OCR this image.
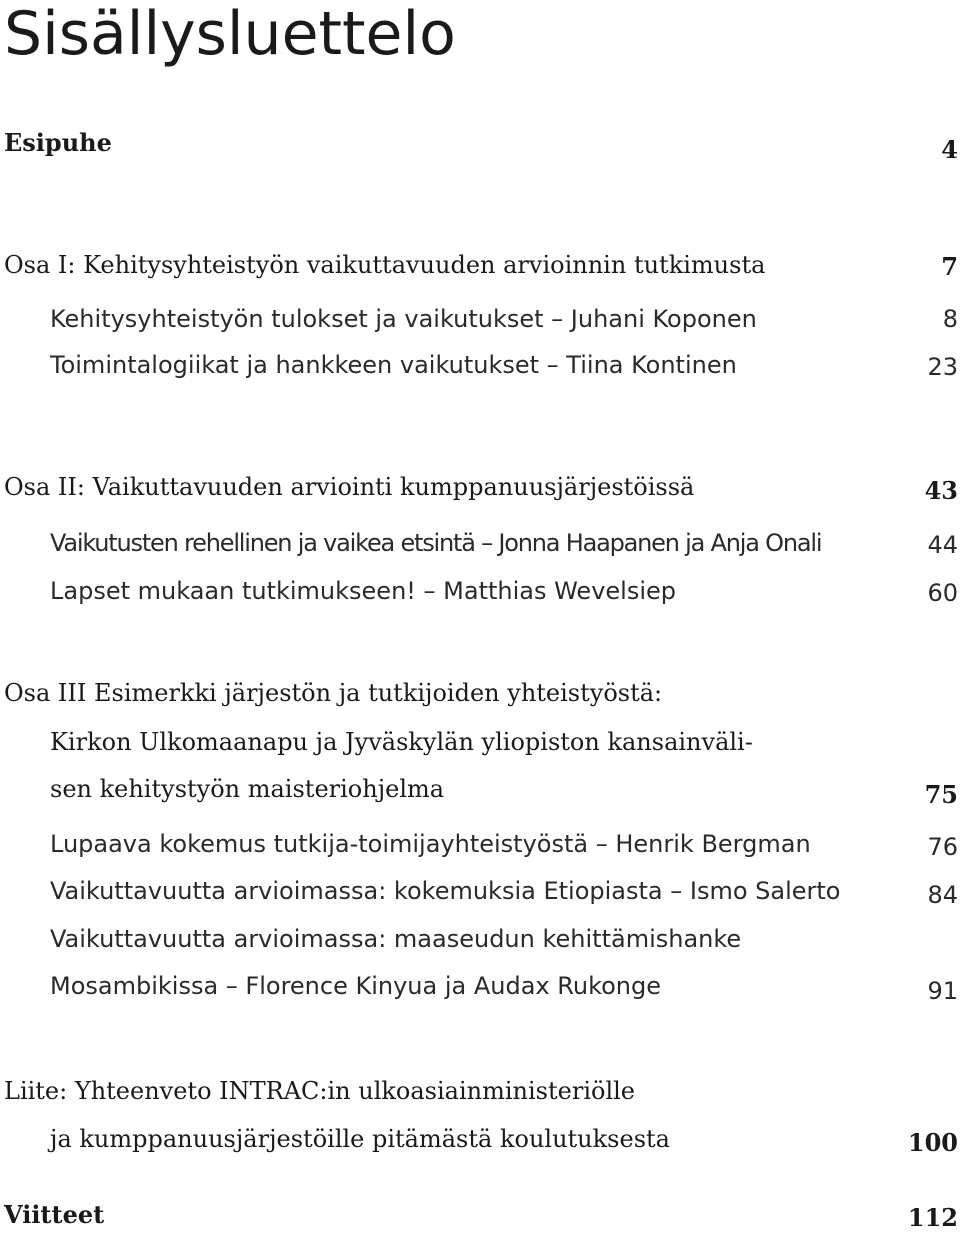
Sisällysluettelo
Esipuhe	4
Osa I: Kehitysyhteistyön vaikuttavuuden arvioinnin tutkimusta	7
Kehitysyhteistyön tulokset ja vaikutukset – Juhani Koponen	8
Toimintalogiikat ja hankkeen vaikutukset – Tiina Kontinen	23
Osa II: Vaikuttavuuden arviointi kumppanuusjärjestöissä	43
Vaikutusten rehellinen ja vaikea etsintä – Jonna Haapanen ja Anja Onali	44
Lapset mukaan tutkimukseen! – Matthias Wevelsiep	60
Osa III Esimerkki järjestön ja tutkijoiden yhteistyöstä:
Kirkon Ulkomaanapu ja Jyväskylän yliopiston kansainväli-
sen kehitystyön maisteriohjelma	75
Lupaava kokemus tutkija-toimijayhteistyöstä – Henrik Bergman	76
Vaikuttavuutta arvioimassa: kokemuksia Etiopiasta – Ismo Salerto	84
Vaikuttavuutta arvioimassa: maaseudun kehittämishanke
Mosambikissa – Florence Kinyua ja Audax Rukonge	91
Liite: Yhteenveto INTRAC:in ulkoasiainministeriölle
ja kumppanuusjärjestöille pitämästä koulutuksesta	100
Viitteet	112
